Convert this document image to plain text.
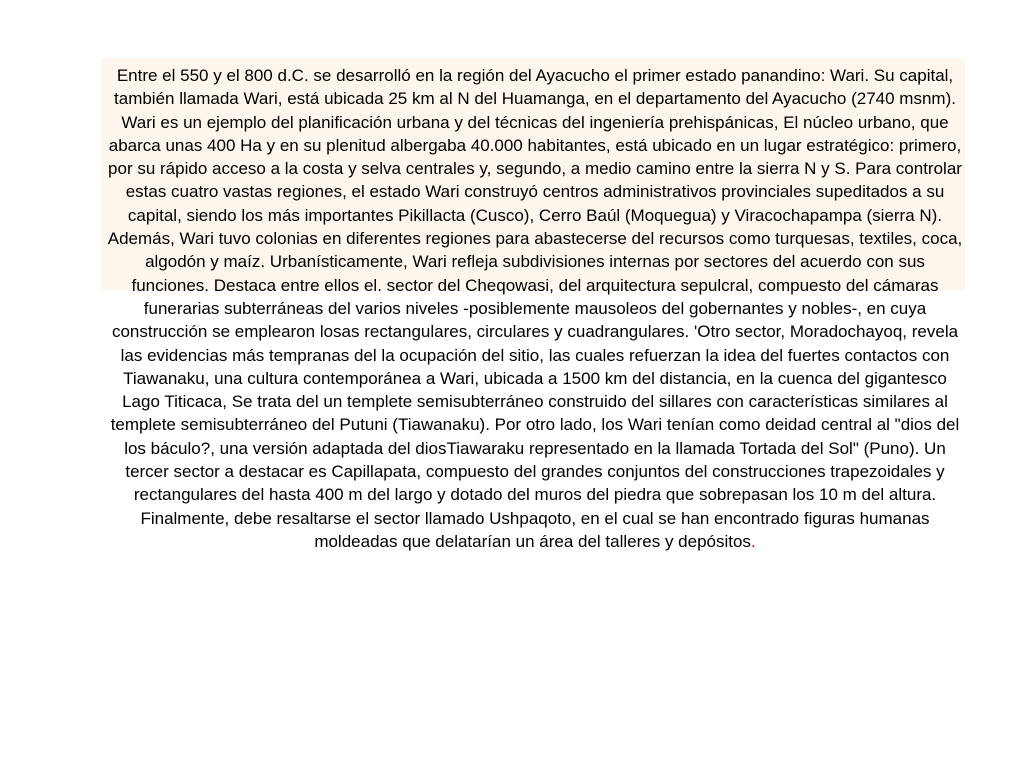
Entre el 550 y el 800 d.C. se desarrolló en la región del Ayacucho el primer estado panandino: Wari. Su capital, también llamada Wari, está ubicada 25 km al N del Huamanga, en el departamento del Ayacucho (2740 msnm).
Wari es un ejemplo del planificación urbana y del técnicas del ingeniería prehispánicas, El núcleo urbano, que abarca unas 400 Ha y en su plenitud albergaba 40.000 habitantes, está ubicado en un lugar estratégico: primero, por su rápido acceso a la costa y selva centrales y, segundo, a medio camino entre la sierra N y S. Para controlar estas cuatro vastas regiones, el estado Wari construyó centros administrativos provinciales supeditados a su capital, siendo los más importantes Pikillacta (Cusco), Cerro Baúl (Moquegua) y Viracochapampa (sierra N). Además, Wari tuvo colonias en diferentes regiones para abastecerse del recursos como turquesas, textiles, coca, algodón y maíz. Urbanísticamente, Wari refleja subdivisiones internas por sectores del acuerdo con sus funciones. Destaca entre ellos el. sector del Cheqowasi, del arquitectura sepulcral, compuesto del cámaras funerarias subterráneas del varios niveles -posiblemente mausoleos del gobernantes y nobles-, en cuya construcción se emplearon losas rectangulares, circulares y cuadrangulares. 'Otro sector, Moradochayoq, revela las evidencias más tempranas del la ocupación del sitio, las cuales refuerzan la idea del fuertes contactos con Tiawanaku, una cultura contemporánea a Wari, ubicada a 1500 km del distancia, en la cuenca del gigantesco Lago Titicaca, Se trata del un templete semisubterráneo construido del sillares con características similares al templete semisubterráneo del Putuni (Tiawanaku). Por otro lado, los Wari tenían como deidad central al "dios del los báculo?, una versión adaptada del diosTiawaraku representado en la llamada Tortada del Sol" (Puno). Un tercer sector a destacar es Capillapata, compuesto del grandes conjuntos del construcciones trapezoidales y rectangulares del hasta 400 m del largo y dotado del muros del piedra que sobrepasan los 10 m del altura. Finalmente, debe resaltarse el sector llamado Ushpaqoto, en el cual se han encontrado figuras humanas moldeadas que delatarían un área del talleres y depósitos.
